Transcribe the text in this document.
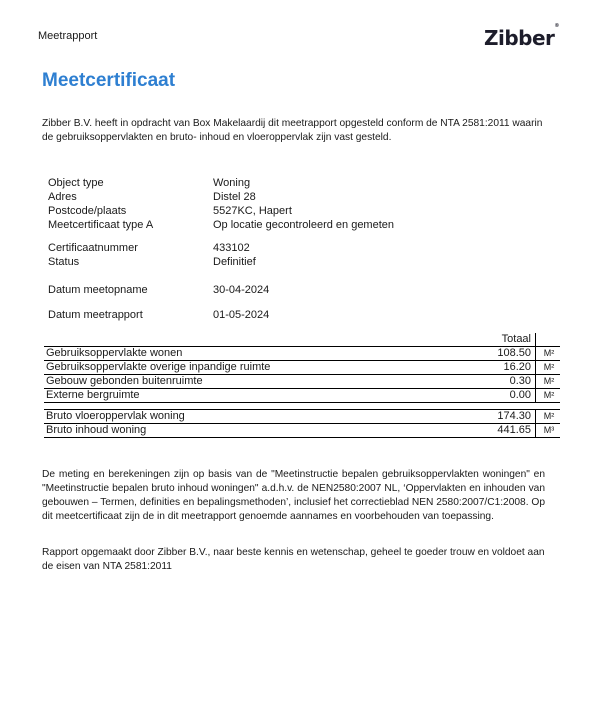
Meetrapport	Zibber®
Meetcertificaat
Zibber B.V. heeft in opdracht van Box Makelaardij dit meetrapport opgesteld conform de NTA 2581:2011 waarin de gebruiksoppervlakten en bruto- inhoud en vloeroppervlak zijn vast gesteld.
Object type	Woning
Adres	Distel 28
Postcode/plaats	5527KC, Hapert
Meetcertificaat type A	Op locatie gecontroleerd en gemeten
Certificaatnummer	433102
Status	Definitief
Datum meetopname	30-04-2024
Datum meetrapport	01-05-2024
	Totaal	
Gebruiksoppervlakte wonen	108.50	M²
Gebruiksoppervlakte overige inpandige ruimte	16.20	M²
Gebouw gebonden buitenruimte	0.30	M²
Externe bergruimte	0.00	M²

Bruto vloeroppervlak woning	174.30	M²
Bruto inhoud woning	441.65	M³
De meting en berekeningen zijn op basis van de "Meetinstructie bepalen gebruiksoppervlakten woningen" en "Meetinstructie bepalen bruto inhoud woningen" a.d.h.v. de NEN2580:2007 NL, ‘Oppervlakten en inhouden van gebouwen – Termen, definities en bepalingsmethoden’, inclusief het correctieblad NEN 2580:2007/C1:2008. Op dit meetcertificaat zijn de in dit meetrapport genoemde aannames en voorbehouden van toepassing.
Rapport opgemaakt door Zibber B.V., naar beste kennis en wetenschap, geheel te goeder trouw en voldoet aan de eisen van NTA 2581:2011
